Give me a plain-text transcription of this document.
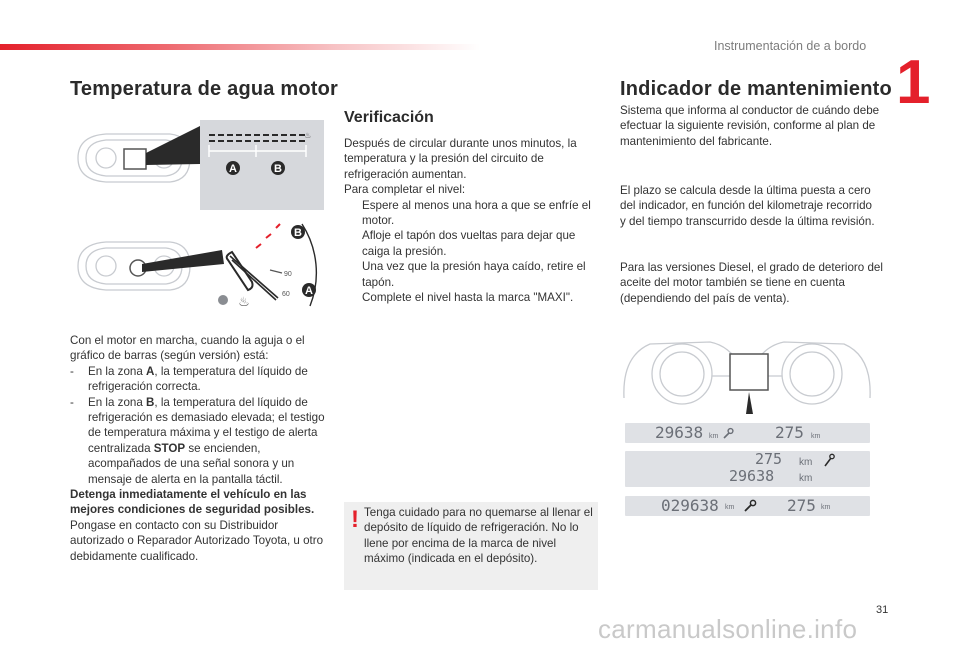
Instrumentación de a bordo
1
Temperatura de agua motor
A	B
♨
90
60
B
A
♨

Con el motor en marcha, cuando la aguja o el gráfico de barras (según versión) está:

-	En la zona A, la temperatura del líquido de refrigeración correcta.
-	En la zona B, la temperatura del líquido de refrigeración es demasiado elevada; el testigo de temperatura máxima y el testigo de alerta centralizada STOP se encienden, acompañados de una señal sonora y un mensaje de alerta en la pantalla táctil.

Detenga inmediatamente el vehículo en las mejores condiciones de seguridad posibles.

Pongase en contacto con su Distribuidor autorizado o Reparador Autorizado Toyota, u otro debidamente cualificado.

Verificación

Después de circular durante unos minutos, la temperatura y la presión del circuito de refrigeración aumentan.

Para completar el nivel:

Espere al menos una hora a que se enfríe el motor.
Afloje el tapón dos vueltas para dejar que caiga la presión.
Una vez que la presión haya caído, retire el tapón.
Complete el nivel hasta la marca "MAXI".
! Tenga cuidado para no quemarse al llenar el depósito de líquido de refrigeración. No lo llene por encima de la marca de nivel máximo (indicada en el depósito).
Indicador de mantenimiento
Sistema que informa al conductor de cuándo debe efectuar la siguiente revisión, conforme al plan de mantenimiento del fabricante.
El plazo se calcula desde la última puesta a cero del indicador, en función del kilometraje recorrido y del tiempo transcurrido desde la última revisión.
Para las versiones Diesel, el grado de deterioro del aceite del motor también se tiene en cuenta (dependiendo del país de venta).
29638 km	275 km
275 km
29638 km
029638 km	275 km
31
carmanualsonline.info
